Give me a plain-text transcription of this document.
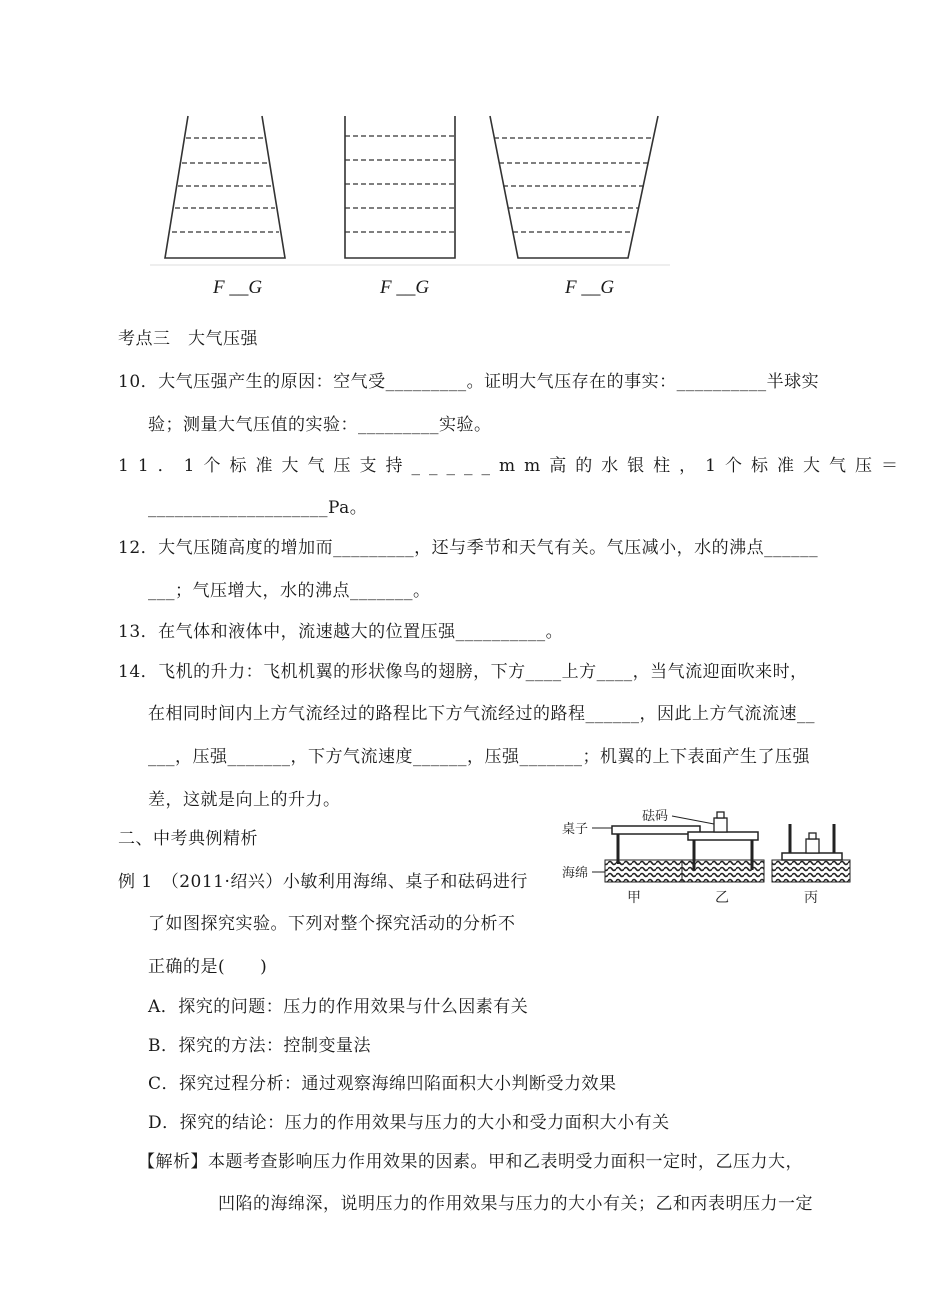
F __G	F __G	F __G
考点三　大气压强
10．大气压强产生的原因：空气受_________。证明大气压存在的事实：__________半球实
验；测量大气压值的实验：_________实验。
11．1个标准大气压支持_____mm高的水银柱，1个标准大气压＝
____________________Pa。
12．大气压随高度的增加而_________，还与季节和天气有关。气压减小，水的沸点______
___；气压增大，水的沸点_______。
13．在气体和液体中，流速越大的位置压强__________。
14．飞机的升力：飞机机翼的形状像鸟的翅膀，下方____上方____，当气流迎面吹来时，
在相同时间内上方气流经过的路程比下方气流经过的路程______，因此上方气流流速__
___，压强_______，下方气流速度______，压强_______；机翼的上下表面产生了压强
差，这就是向上的升力。
二、中考典例精析	桌子
砝码
海绵
甲	乙	丙
例 1　（2011·绍兴）小敏利用海绵、桌子和砝码进行
了如图探究实验。下列对整个探究活动的分析不
正确的是(　　)
A．探究的问题：压力的作用效果与什么因素有关
B．探究的方法：控制变量法
C．探究过程分析：通过观察海绵凹陷面积大小判断受力效果
D．探究的结论：压力的作用效果与压力的大小和受力面积大小有关
【解析】本题考查影响压力作用效果的因素。甲和乙表明受力面积一定时，乙压力大，
凹陷的海绵深，说明压力的作用效果与压力的大小有关；乙和丙表明压力一定
